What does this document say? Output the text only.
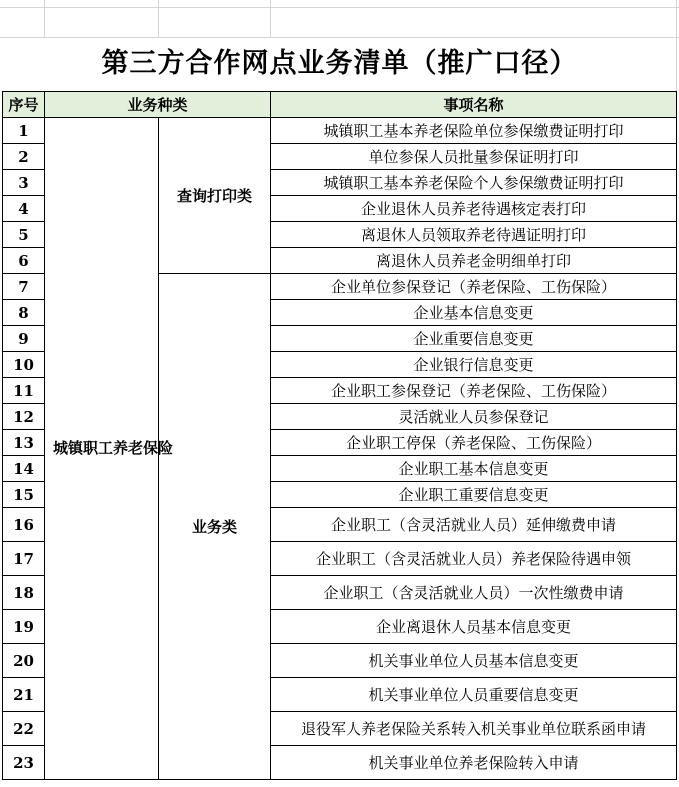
第三方合作网点业务清单（推广口径）
序号	业务种类		事项名称
1	城镇职工养老保险	查询打印类	城镇职工基本养老保险单位参保缴费证明打印
2			单位参保人员批量参保证明打印
3			城镇职工基本养老保险个人参保缴费证明打印
4			企业退休人员养老待遇核定表打印
5			离退休人员领取养老待遇证明打印
6			离退休人员养老金明细单打印
7		业务类	企业单位参保登记（养老保险、工伤保险）
8			企业基本信息变更
9			企业重要信息变更
10			企业银行信息变更
11			企业职工参保登记（养老保险、工伤保险）
12			灵活就业人员参保登记
13			企业职工停保（养老保险、工伤保险）
14			企业职工基本信息变更
15			企业职工重要信息变更
16			企业职工（含灵活就业人员）延伸缴费申请
17			企业职工（含灵活就业人员）养老保险待遇申领
18			企业职工（含灵活就业人员）一次性缴费申请
19			企业离退休人员基本信息变更
20			机关事业单位人员基本信息变更
21			机关事业单位人员重要信息变更
22			退役军人养老保险关系转入机关事业单位联系函申请
23			机关事业单位养老保险转入申请
